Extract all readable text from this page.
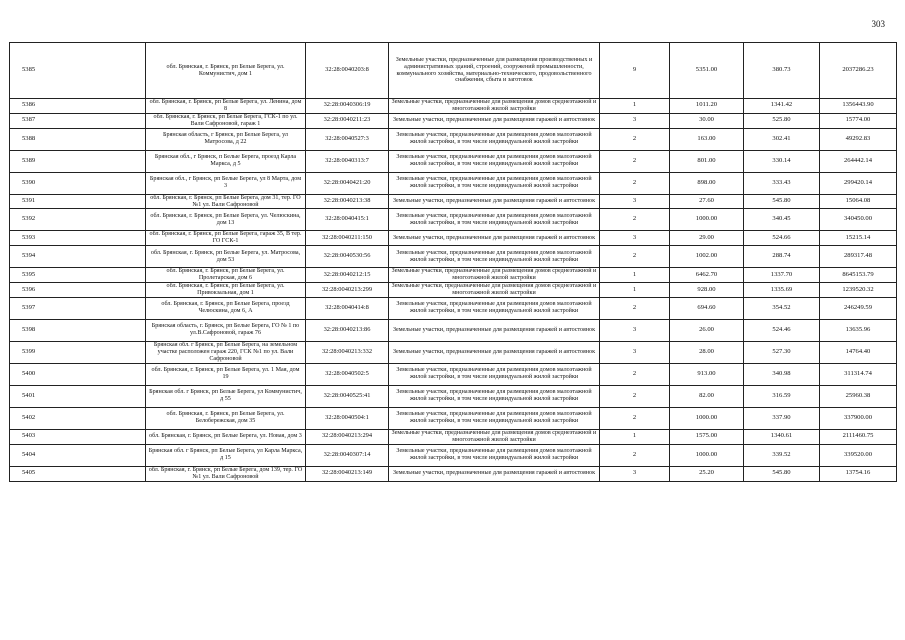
303
5385	обл. Брянская, г. Брянск, рп Белые Берега, ул. Коммунистич, дом 1	32:28:0040203:8	Земельные участки, предназначенные для размещения производственных и административных зданий, строений, сооружений промышленности, коммунального хозяйства, материально-технического, продовольственного снабжения, сбыта и заготовок	9	5351.00	380.73	2037286.23
5386	обл. Брянская, г. Брянск, рп Белые Берега, ул. Ленина, дом 8	32:28:0040306:19	Земельные участки, предназначенные для размещения домов среднеэтажной и многоэтажной жилой застройки	1	1011.20	1341.42	1356443.90
5387	обл. Брянская, г. Брянск, рп Белые Берега, ГСК-1 по ул. Вали Сафроновой, гараж 1	32:28:0040211:23	Земельные участки, предназначенные для размещения гаражей и автостоянок	3	30.00	525.80	15774.00
5388	Брянская область, г Брянск, рп Белые Берега, ул Матросова, д 22	32:28:0040527:3	Земельные участки, предназначенные для размещения домов малоэтажной жилой застройки, в том числе индивидуальной жилой застройки	2	163.00	302.41	49292.83
5389	Брянская обл., г Брянск, п Белые Берега, проезд Карла Маркса, д 5	32:28:0040313:7	Земельные участки, предназначенные для размещения домов малоэтажной жилой застройки, в том числе индивидуальной жилой застройки	2	801.00	330.14	264442.14
5390	Брянская обл., г Брянск, рп Белые Берега, ул 8 Марта, дом 3	32:28:0040421:20	Земельные участки, предназначенные для размещения домов малоэтажной жилой застройки, в том числе индивидуальной жилой застройки	2	898.00	333.43	299420.14
5391	обл. Брянская, г. Брянск, рп Белые Берега, дом 31, тер. ГО №1 ул. Вали Сафроновой	32:28:0040213:38	Земельные участки, предназначенные для размещения гаражей и автостоянок	3	27.60	545.80	15064.08
5392	обл. Брянская, г. Брянск, рп Белые Берега, ул. Челюскина, дом 13	32:28:0040415:1	Земельные участки, предназначенные для размещения домов малоэтажной жилой застройки, в том числе индивидуальной жилой застройки	2	1000.00	340.45	340450.00
5393	обл. Брянская, г. Брянск, рп Белые Берега, гараж 35, В тер. ГО ГСК-1	32:28:0040211:150	Земельные участки, предназначенные для размещения гаражей и автостоянок	3	29.00	524.66	15215.14
5394	обл. Брянская, г. Брянск, рп Белые Берега, ул. Матросова, дом 53	32:28:0040530:56	Земельные участки, предназначенные для размещения домов малоэтажной жилой застройки, в том числе индивидуальной жилой застройки	2	1002.00	288.74	289317.48
5395	обл. Брянская, г. Брянск, рп Белые Берега, ул. Пролетарская, дом 6	32:28:0040212:15	Земельные участки, предназначенные для размещения домов среднеэтажной и многоэтажной жилой застройки	1	6462.70	1337.70	8645153.79
5396	обл. Брянская, г. Брянск, рп Белые Берега, ул. Привокзальная, дом 1	32:28:0040213:299	Земельные участки, предназначенные для размещения домов среднеэтажной и многоэтажной жилой застройки	1	928.00	1335.69	1239520.32
5397	обл. Брянская, г. Брянск, рп Белые Берега, проезд Челюскина, дом 6, А	32:28:0040414:8	Земельные участки, предназначенные для размещения домов малоэтажной жилой застройки, в том числе индивидуальной жилой застройки	2	694.60	354.52	246249.59
5398	Брянская область, г. Брянск, рп Белые Берега, ГО № 1 по ул.В.Сафроновой, гараж 76	32:28:0040213:86	Земельные участки, предназначенные для размещения гаражей и автостоянок	3	26.00	524.46	13635.96
5399	Брянская обл. г Брянск, рп Белые Берега, на земельном участке расположен гараж 220, ГСК №1 по ул. Вали Сафроновой	32:28:0040213:332	Земельные участки, предназначенные для размещения гаражей и автостоянок	3	28.00	527.30	14764.40
5400	обл. Брянская, г. Брянск, рп Белые Берега, ул. 1 Мая, дом 19	32:28:0040502:5	Земельные участки, предназначенные для размещения домов малоэтажной жилой застройки, в том числе индивидуальной жилой застройки	2	913.00	340.98	311314.74
5401	Брянская обл. г Брянск, рп Белые Берега, ул Коммунистич, д 55	32:28:0040525:41	Земельные участки, предназначенные для размещения домов малоэтажной жилой застройки, в том числе индивидуальной жилой застройки	2	82.00	316.59	25960.38
5402	обл. Брянская, г. Брянск, рп Белые Берега, ул. Белобережская, дом 35	32:28:0040504:1	Земельные участки, предназначенные для размещения домов малоэтажной жилой застройки, в том числе индивидуальной жилой застройки	2	1000.00	337.90	337900.00
5403	обл. Брянская, г. Брянск, рп Белые Берега, ул. Новая, дом 3	32:28:0040213:294	Земельные участки, предназначенные для размещения домов среднеэтажной и многоэтажной жилой застройки	1	1575.00	1340.61	2111460.75
5404	Брянская обл. г Брянск, рп Белые Берега, ул Карла Маркса, д 15	32:28:0040307:14	Земельные участки, предназначенные для размещения домов малоэтажной жилой застройки, в том числе индивидуальной жилой застройки	2	1000.00	339.52	339520.00
5405	обл. Брянская, г. Брянск, рп Белые Берега, дом 139, тер. ГО №1 ул. Вали Сафроновой	32:28:0040213:149	Земельные участки, предназначенные для размещения гаражей и автостоянок	3	25.20	545.80	13754.16
